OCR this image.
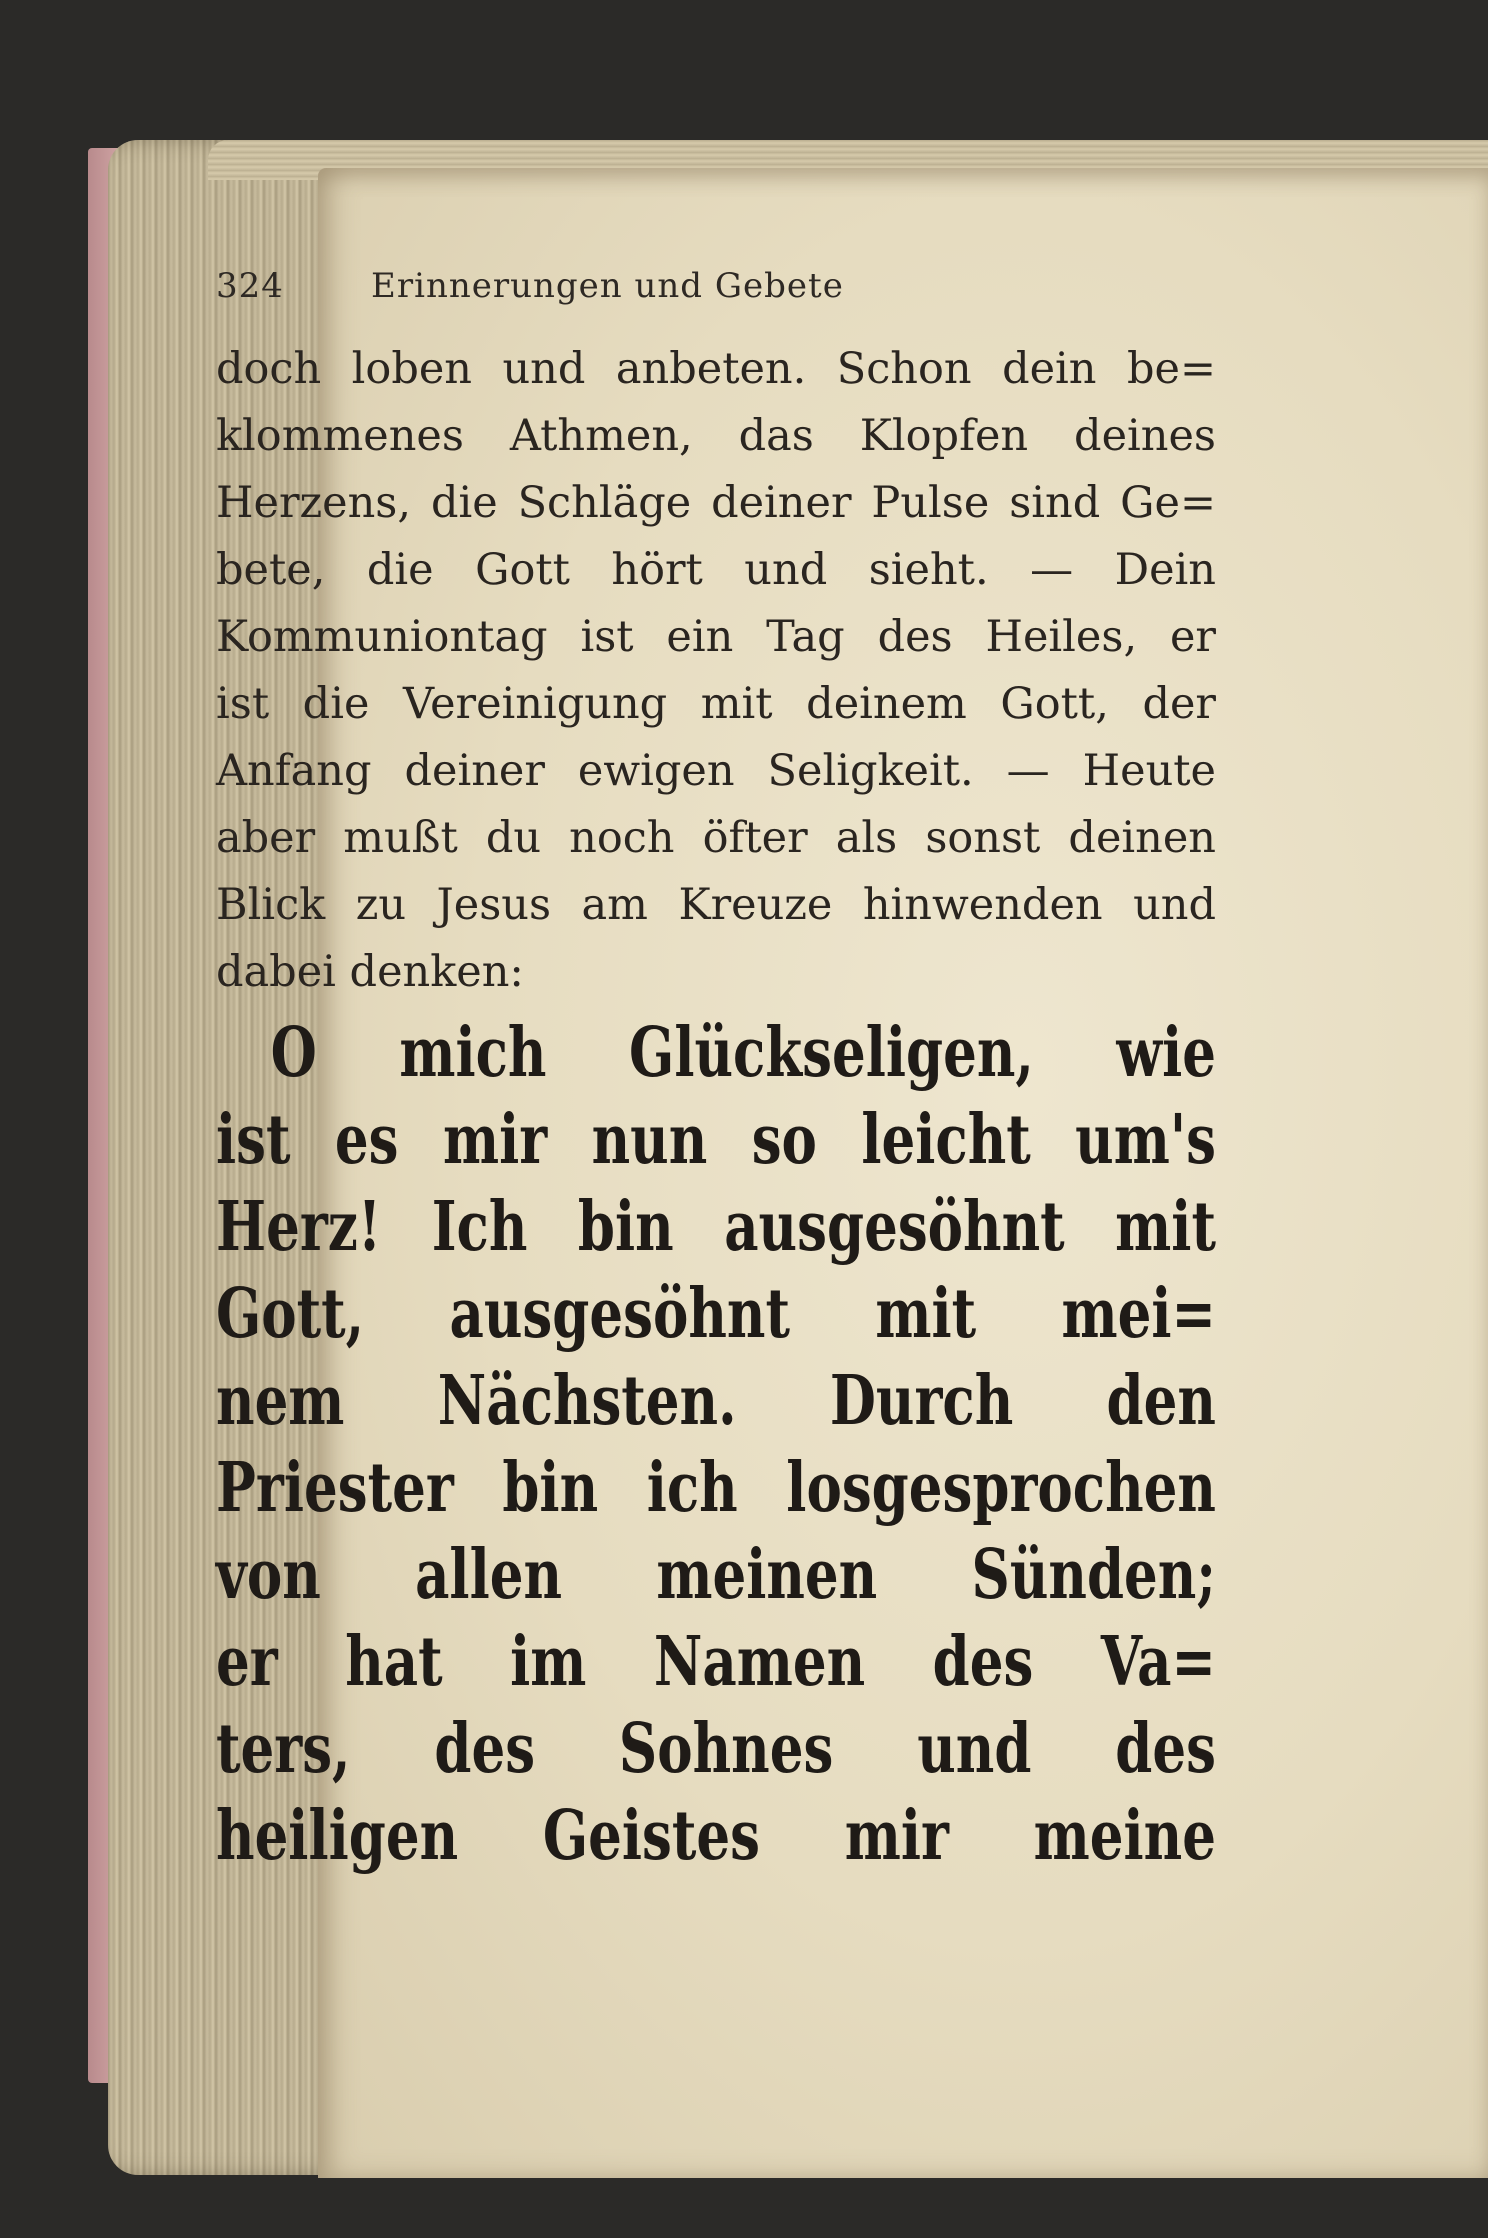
324	Erinnerungen und Gebete
doch loben und anbeten. Schon dein be=
klommenes Athmen, das Klopfen deines
Herzens, die Schläge deiner Pulse sind Ge=
bete, die Gott hört und sieht. — Dein
Kommuniontag ist ein Tag des Heiles, er
ist die Vereinigung mit deinem Gott, der
Anfang deiner ewigen Seligkeit. — Heute
aber mußt du noch öfter als sonst deinen
Blick zu Jesus am Kreuze hinwenden und
dabei denken:
O mich Glückseligen, wie
ist es mir nun so leicht um's
Herz! Ich bin ausgesöhnt mit
Gott, ausgesöhnt mit mei=
nem Nächsten. Durch den
Priester bin ich losgesprochen
von allen meinen Sünden;
er hat im Namen des Va=
ters, des Sohnes und des
heiligen Geistes mir meine
